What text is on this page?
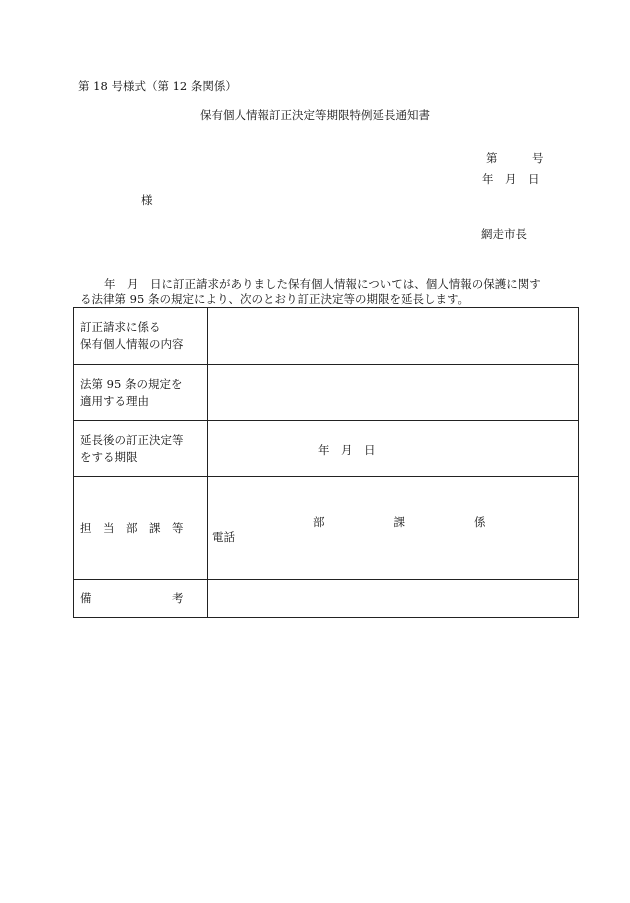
第 18 号様式（第 12 条関係）
保有個人情報訂正決定等期限特例延長通知書
第　　　号
年　月　日
様
網走市長
年　月　日に訂正請求がありました保有個人情報については、個人情報の保護に関す
る法律第 95 条の規定により、次のとおり訂正決定等の期限を延長します。
訂正請求に係る
保有個人情報の内容	
法第 95 条の規定を
適用する理由	
延長後の訂正決定等
をする期限	年　月　日

担　当　部　課　等	部　　　　　　課　　　　　　係
電話

備　　　　　　　考	
